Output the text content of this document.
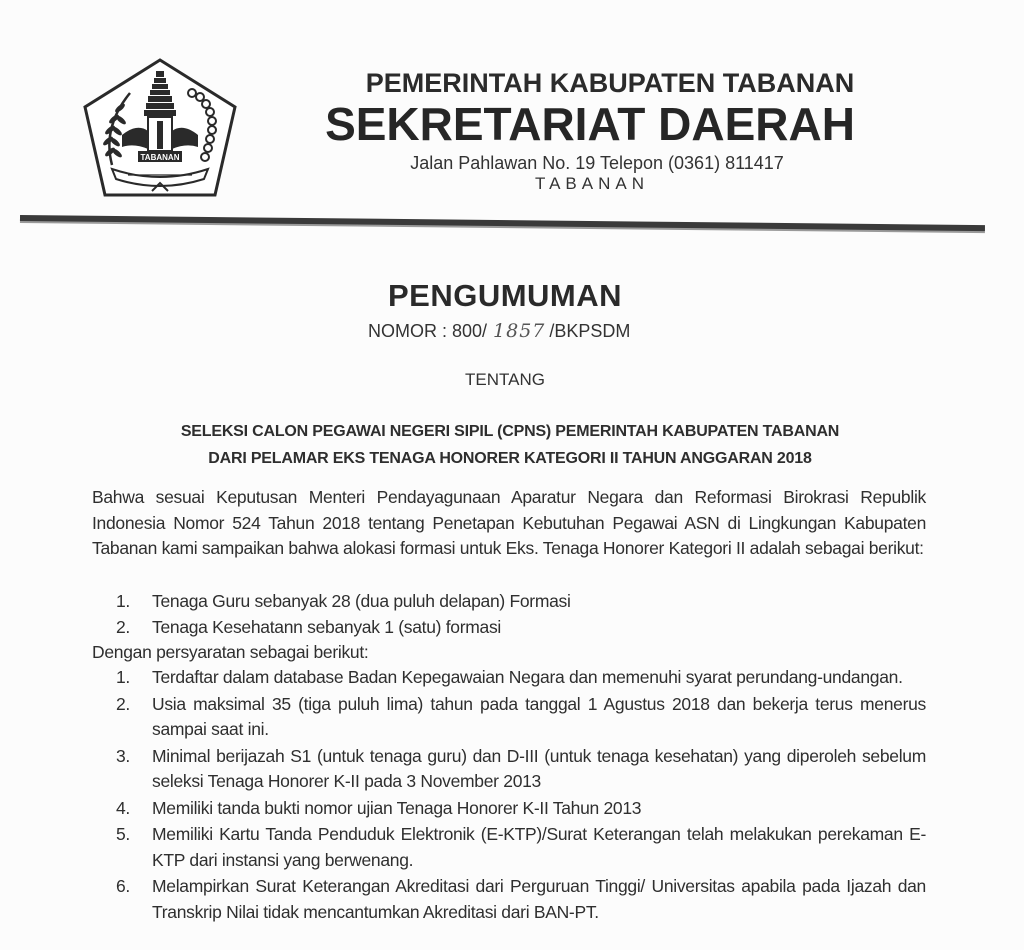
TABANAN
PEMERINTAH KABUPATEN TABANAN
SEKRETARIAT DAERAH
Jalan Pahlawan No. 19 Telepon (0361) 811417
TABANAN
PENGUMUMAN
NOMOR : 800/ 1857 /BKPSDM
TENTANG
SELEKSI CALON PEGAWAI NEGERI SIPIL (CPNS) PEMERINTAH KABUPATEN TABANAN
DARI PELAMAR EKS TENAGA HONORER KATEGORI II TAHUN ANGGARAN 2018
Bahwa sesuai Keputusan Menteri Pendayagunaan Aparatur Negara dan Reformasi Birokrasi Republik Indonesia Nomor 524 Tahun 2018 tentang Penetapan Kebutuhan Pegawai ASN di Lingkungan Kabupaten Tabanan kami sampaikan bahwa alokasi formasi untuk Eks. Tenaga Honorer Kategori II adalah sebagai berikut:
1. Tenaga Guru sebanyak 28 (dua puluh delapan) Formasi
2. Tenaga Kesehatann sebanyak 1 (satu) formasi
Dengan persyaratan sebagai berikut:
1. Terdaftar dalam database Badan Kepegawaian Negara dan memenuhi syarat perundang-undangan.
2. Usia maksimal 35 (tiga puluh lima) tahun pada tanggal 1 Agustus 2018 dan bekerja terus menerus sampai saat ini.
3. Minimal berijazah S1 (untuk tenaga guru) dan D-III (untuk tenaga kesehatan) yang diperoleh sebelum seleksi Tenaga Honorer K-II pada 3 November 2013
4. Memiliki tanda bukti nomor ujian Tenaga Honorer K-II Tahun 2013
5. Memiliki Kartu Tanda Penduduk Elektronik (E-KTP)/Surat Keterangan telah melakukan perekaman E-KTP dari instansi yang berwenang.
6. Melampirkan Surat Keterangan Akreditasi dari Perguruan Tinggi/ Universitas apabila pada Ijazah dan Transkrip Nilai tidak mencantumkan Akreditasi dari BAN-PT.
